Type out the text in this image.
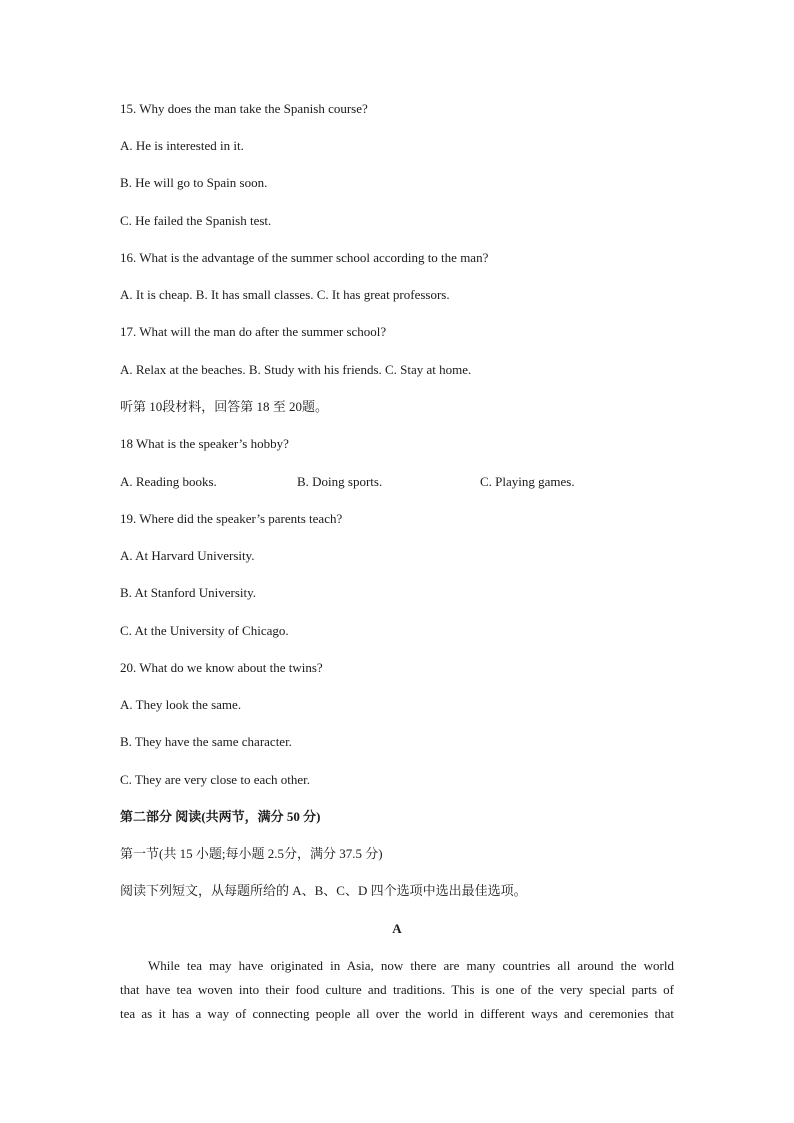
15. Why does the man take the Spanish course?
A. He is interested in it.
B. He will go to Spain soon.
C. He failed the Spanish test.
16. What is the advantage of the summer school according to the man?
A. It is cheap. B. It has small classes. C. It has great professors.
17. What will the man do after the summer school?
A. Relax at the beaches. B. Study with his friends. C. Stay at home.
听第 10段材料，回答第 18 至 20题。
18 What is the speaker’s hobby?
A. Reading books.	B. Doing sports.	C. Playing games.
19. Where did the speaker’s parents teach?
A. At Harvard University.
B. At Stanford University.
C. At the University of Chicago.
20. What do we know about the twins?
A. They look the same.
B. They have the same character.
C. They are very close to each other.
第二部分 阅读(共两节，满分 50 分)
第一节(共 15 小题;每小题 2.5分，满分 37.5 分)
阅读下列短文，从每题所给的 A、B、C、D 四个选项中选出最佳选项。
A
While tea may have originated in Asia, now there are many countries all around the world
that have tea woven into their food culture and traditions. This is one of the very special parts of
tea as it has a way of connecting people all over the world in different ways and ceremonies that
